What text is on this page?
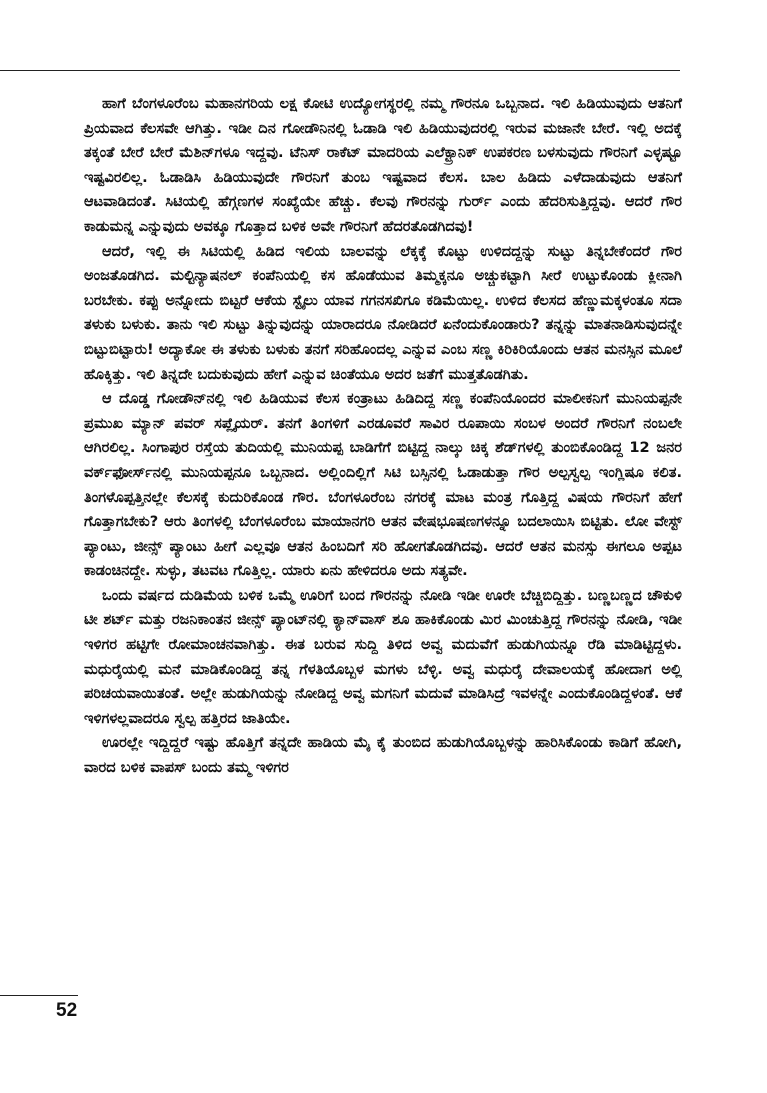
ಹಾಗೆ ಬೆಂಗಳೂರೆಂಬ ಮಹಾನಗರಿಯ ಲಕ್ಷ ಕೋಟಿ ಉದ್ಯೋಗಸ್ಥರಲ್ಲಿ ನಮ್ಮ ಗೌರನೂ ಒಬ್ಬನಾದ. ಇಲಿ ಹಿಡಿಯುವುದು ಆತನಿಗೆ ಪ್ರಿಯವಾದ ಕೆಲಸವೇ ಆಗಿತ್ತು. ಇಡೀ ದಿನ ಗೋಡೌನಿನಲ್ಲಿ ಓಡಾಡಿ ಇಲಿ ಹಿಡಿಯುವುದರಲ್ಲಿ ಇರುವ ಮಜಾನೇ ಬೇರೆ. ಇಲ್ಲಿ ಅದಕ್ಕೆ ತಕ್ಕಂತೆ ಬೇರೆ ಬೇರೆ ಮೆಶಿನ್‌ಗಳೂ ಇದ್ದವು. ಟೆನಿಸ್ ರಾಕೆಟ್ ಮಾದರಿಯ ಎಲೆಕ್ಟ್ರಾನಿಕ್ ಉಪಕರಣ ಬಳಸುವುದು ಗೌರನಿಗೆ ಎಳ್ಳಷ್ಟೂ ಇಷ್ಟವಿರಲಿಲ್ಲ. ಓಡಾಡಿಸಿ ಹಿಡಿಯುವುದೇ ಗೌರನಿಗೆ ತುಂಬ ಇಷ್ಟವಾದ ಕೆಲಸ. ಬಾಲ ಹಿಡಿದು ಎಳೆದಾಡುವುದು ಆತನಿಗೆ ಆಟವಾಡಿದಂತೆ. ಸಿಟಿಯಲ್ಲಿ ಹೆಗ್ಗಣಗಳ ಸಂಖ್ಯೆಯೇ ಹೆಚ್ಚು. ಕೆಲವು ಗೌರನನ್ನು ಗುರ್ರ್ ಎಂದು ಹೆದರಿಸುತ್ತಿದ್ದವು. ಆದರೆ ಗೌರ ಕಾಡುಮನ್ನ ಎನ್ನುವುದು ಅವಕ್ಕೂ ಗೊತ್ತಾದ ಬಳಿಕ ಅವೇ ಗೌರನಿಗೆ ಹೆದರತೊಡಗಿದವು!

ಆದರೆ, ಇಲ್ಲಿ ಈ ಸಿಟಿಯಲ್ಲಿ ಹಿಡಿದ ಇಲಿಯ ಬಾಲವನ್ನು ಲೆಕ್ಕಕ್ಕೆ ಕೊಟ್ಟು ಉಳಿದದ್ದನ್ನು ಸುಟ್ಟು ತಿನ್ನಬೇಕೆಂದರೆ ಗೌರ ಅಂಜತೊಡಗಿದ. ಮಲ್ಟಿನ್ಯಾಷನಲ್ ಕಂಪೆನಿಯಲ್ಲಿ ಕಸ ಹೊಡೆಯುವ ತಿಮ್ಮಕ್ಕನೂ ಅಚ್ಚುಕಟ್ಟಾಗಿ ಸೀರೆ ಉಟ್ಟುಕೊಂಡು ಕ್ಲೀನಾಗಿ ಬರಬೇಕು. ಕಪ್ಪು ಅನ್ನೋದು ಬಿಟ್ಟರೆ ಆಕೆಯ ಸ್ಟೈಲು ಯಾವ ಗಗನಸಖಿಗೂ ಕಡಿಮೆಯಿಲ್ಲ. ಉಳಿದ ಕೆಲಸದ ಹೆಣ್ಣುಮಕ್ಕಳಂತೂ ಸದಾ ತಳುಕು ಬಳುಕು. ತಾನು ಇಲಿ ಸುಟ್ಟು ತಿನ್ನುವುದನ್ನು ಯಾರಾದರೂ ನೋಡಿದರೆ ಏನೆಂದುಕೊಂಡಾರು? ತನ್ನನ್ನು ಮಾತನಾಡಿಸುವುದನ್ನೇ ಬಿಟ್ಟುಬಿಟ್ಟಾರು! ಅದ್ಯಾಕೋ ಈ ತಳುಕು ಬಳುಕು ತನಗೆ ಸರಿಹೊಂದಲ್ಲ ಎನ್ನುವ ಎಂಬ ಸಣ್ಣ ಕಿರಿಕಿರಿಯೊಂದು ಆತನ ಮನಸ್ಸಿನ ಮೂಲೆ ಹೊಕ್ಕಿತ್ತು. ಇಲಿ ತಿನ್ನದೇ ಬದುಕುವುದು ಹೇಗೆ ಎನ್ನುವ ಚಿಂತೆಯೂ ಅದರ ಜತೆಗೆ ಮುತ್ತತೊಡಗಿತು.

ಆ ದೊಡ್ಡ ಗೋಡೌನ್‌ನಲ್ಲಿ ಇಲಿ ಹಿಡಿಯುವ ಕೆಲಸ ಕಂತ್ರಾಟು ಹಿಡಿದಿದ್ದ ಸಣ್ಣ ಕಂಪೆನಿಯೊಂದರ ಮಾಲೀಕನಿಗೆ ಮುನಿಯಪ್ಪನೇ ಪ್ರಮುಖ ಮ್ಯಾನ್ ಪವರ್ ಸಪ್ಲೈಯರ್. ತನಗೆ ತಿಂಗಳಿಗೆ ಎರಡೂವರೆ ಸಾವಿರ ರೂಪಾಯಿ ಸಂಬಳ ಅಂದರೆ ಗೌರನಿಗೆ ನಂಬಲೇ ಆಗಿರಲಿಲ್ಲ. ಸಿಂಗಾಪುರ ರಸ್ತೆಯ ತುದಿಯಲ್ಲಿ ಮುನಿಯಪ್ಪ ಬಾಡಿಗೆಗೆ ಬಿಟ್ಟಿದ್ದ ನಾಲ್ಕು ಚಿಕ್ಕ ಶೆಡ್‌ಗಳಲ್ಲಿ ತುಂಬಿಕೊಂಡಿದ್ದ 12 ಜನರ ವರ್ಕ್‌ಫೋರ್ಸ್‌ನಲ್ಲಿ ಮುನಿಯಪ್ಪನೂ ಒಬ್ಬನಾದ. ಅಲ್ಲಿಂದಿಲ್ಲಿಗೆ ಸಿಟಿ ಬಸ್ಸಿನಲ್ಲಿ ಓಡಾಡುತ್ತಾ ಗೌರ ಅಲ್ಪಸ್ವಲ್ಪ ಇಂಗ್ಲಿಷೂ ಕಲಿತ. ತಿಂಗಳೊಪ್ಪತ್ತಿನಲ್ಲೇ ಕೆಲಸಕ್ಕೆ ಕುದುರಿಕೊಂಡ ಗೌರ. ಬೆಂಗಳೂರೆಂಬ ನಗರಕ್ಕೆ ಮಾಟ ಮಂತ್ರ ಗೊತ್ತಿದ್ದ ವಿಷಯ ಗೌರನಿಗೆ ಹೇಗೆ ಗೊತ್ತಾಗಬೇಕು? ಆರು ತಿಂಗಳಲ್ಲಿ ಬೆಂಗಳೂರೆಂಬ ಮಾಯಾನಗರಿ ಆತನ ವೇಷಭೂಷಣಗಳನ್ನೂ ಬದಲಾಯಿಸಿ ಬಿಟ್ಟಿತು. ಲೋ ವೇಸ್ಟ್ ಪ್ಯಾಂಟು, ಜೀನ್ಸ್ ಪ್ಯಾಂಟು ಹೀಗೆ ಎಲ್ಲವೂ ಆತನ ಹಿಂಬದಿಗೆ ಸರಿ ಹೋಗತೊಡಗಿದವು. ಆದರೆ ಆತನ ಮನಸ್ಸು ಈಗಲೂ ಅಪ್ಪಟ ಕಾಡಂಚಿನದ್ದೇ. ಸುಳ್ಳು, ತಟವಟ ಗೊತ್ತಿಲ್ಲ. ಯಾರು ಏನು ಹೇಳಿದರೂ ಅದು ಸತ್ಯವೇ.

ಒಂದು ವರ್ಷದ ದುಡಿಮೆಯ ಬಳಿಕ ಒಮ್ಮೆ ಊರಿಗೆ ಬಂದ ಗೌರನನ್ನು ನೋಡಿ ಇಡೀ ಊರೇ ಬೆಚ್ಚಿಬಿದ್ದಿತ್ತು. ಬಣ್ಣಬಣ್ಣದ ಚೌಕುಳಿ ಟೀ ಶರ್ಟ್ ಮತ್ತು ರಜನಿಕಾಂತನ ಜೀನ್ಸ್ ಪ್ಯಾಂಟ್‌ನಲ್ಲಿ ಕ್ಯಾನ್‌ವಾಸ್ ಶೂ ಹಾಕಿಕೊಂಡು ಮಿರ ಮಿಂಚುತ್ತಿದ್ದ ಗೌರನನ್ನು ನೋಡಿ, ಇಡೀ ಇಳಿಗರ ಹಟ್ಟಿಗೇ ರೋಮಾಂಚನವಾಗಿತ್ತು. ಈತ ಬರುವ ಸುದ್ದಿ ತಿಳಿದ ಅವ್ವ ಮದುವೆಗೆ ಹುಡುಗಿಯನ್ನೂ ರೆಡಿ ಮಾಡಿಟ್ಟಿದ್ದಳು. ಮಧುರೈಯಲ್ಲಿ ಮನೆ ಮಾಡಿಕೊಂಡಿದ್ದ ತನ್ನ ಗೆಳತಿಯೊಬ್ಬಳ ಮಗಳು ಬೆಳ್ಳಿ. ಅವ್ವ ಮಧುರೈ ದೇವಾಲಯಕ್ಕೆ ಹೋದಾಗ ಅಲ್ಲಿ ಪರಿಚಯವಾಯಿತಂತೆ. ಅಲ್ಲೇ ಹುಡುಗಿಯನ್ನು ನೋಡಿದ್ದ ಅವ್ವ ಮಗನಿಗೆ ಮದುವೆ ಮಾಡಿಸಿದ್ರೆ ಇವಳನ್ನೇ ಎಂದುಕೊಂಡಿದ್ದಳಂತೆ. ಆಕೆ ಇಳಿಗಳಲ್ಲವಾದರೂ ಸ್ವಲ್ಪ ಹತ್ತಿರದ ಜಾತಿಯೇ.

ಊರಲ್ಲೇ ಇದ್ದಿದ್ದರೆ ಇಷ್ಟು ಹೊತ್ತಿಗೆ ತನ್ನದೇ ಹಾಡಿಯ ಮೈ ಕೈ ತುಂಬಿದ ಹುಡುಗಿಯೊಬ್ಬಳನ್ನು ಹಾರಿಸಿಕೊಂಡು ಕಾಡಿಗೆ ಹೋಗಿ, ವಾರದ ಬಳಿಕ ವಾಪಸ್ ಬಂದು ತಮ್ಮ ಇಳಿಗರ

52
